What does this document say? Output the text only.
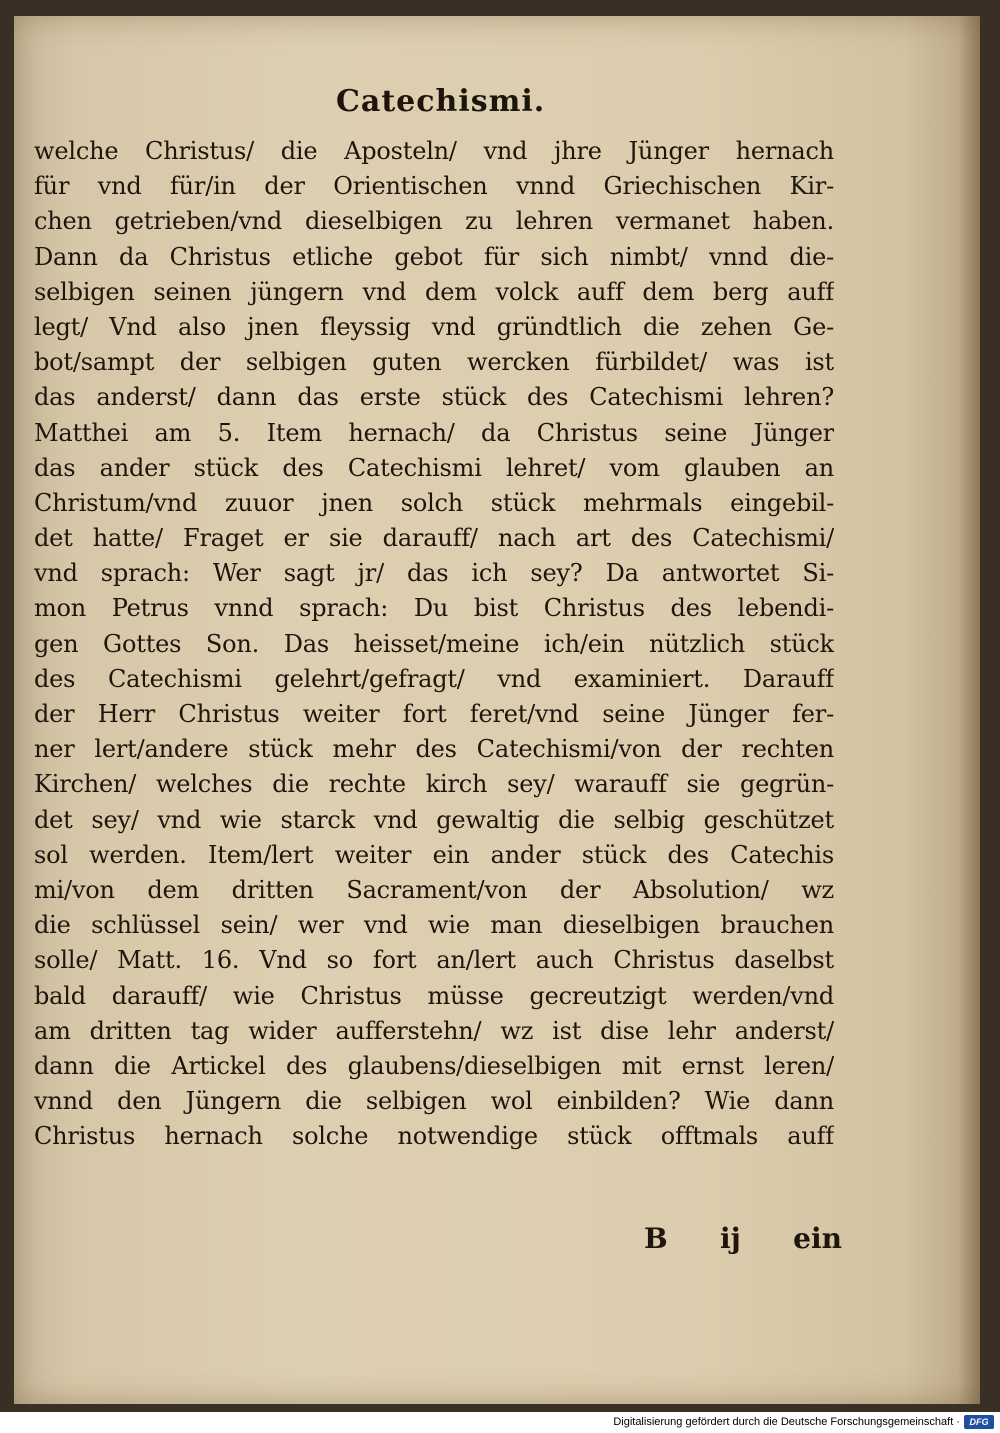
Catechismi.
welche Christus/ die Aposteln/ vnd jhre Jünger hernach
für vnd für/in der Orientischen vnnd Griechischen Kir-
chen getrieben/vnd dieselbigen zu lehren vermanet haben.
Dann da Christus etliche gebot für sich nimbt/ vnnd die-
selbigen seinen jüngern vnd dem volck auff dem berg auff
legt/ Vnd also jnen fleyssig vnd gründtlich die zehen Ge-
bot/sampt der selbigen guten wercken fürbildet/ was ist
das anderst/ dann das erste stück des Catechismi lehren?
Matthei am 5. Item hernach/ da Christus seine Jünger
das ander stück des Catechismi lehret/ vom glauben an
Christum/vnd zuuor jnen solch stück mehrmals eingebil-
det hatte/ Fraget er sie darauff/ nach art des Catechismi/
vnd sprach: Wer sagt jr/ das ich sey? Da antwortet Si-
mon Petrus vnnd sprach: Du bist Christus des lebendi-
gen Gottes Son. Das heisset/meine ich/ein nützlich stück
des Catechismi gelehrt/gefragt/ vnd examiniert. Darauff
der Herr Christus weiter fort feret/vnd seine Jünger fer-
ner lert/andere stück mehr des Catechismi/von der rechten
Kirchen/ welches die rechte kirch sey/ warauff sie gegrün-
det sey/ vnd wie starck vnd gewaltig die selbig geschützet
sol werden. Item/lert weiter ein ander stück des Catechis
mi/von dem dritten Sacrament/von der Absolution/ wz
die schlüssel sein/ wer vnd wie man dieselbigen brauchen
solle/ Matt. 16. Vnd so fort an/lert auch Christus daselbst
bald darauff/ wie Christus müsse gecreutzigt werden/vnd
am dritten tag wider aufferstehn/ wz ist dise lehr anderst/
dann die Artickel des glaubens/dieselbigen mit ernst leren/
vnnd den Jüngern die selbigen wol einbilden? Wie dann
Christus hernach solche notwendige stück offtmals auff
B ij ein
Digitalisierung gefördert durch die Deutsche Forschungsgemeinschaft ·	DFG
